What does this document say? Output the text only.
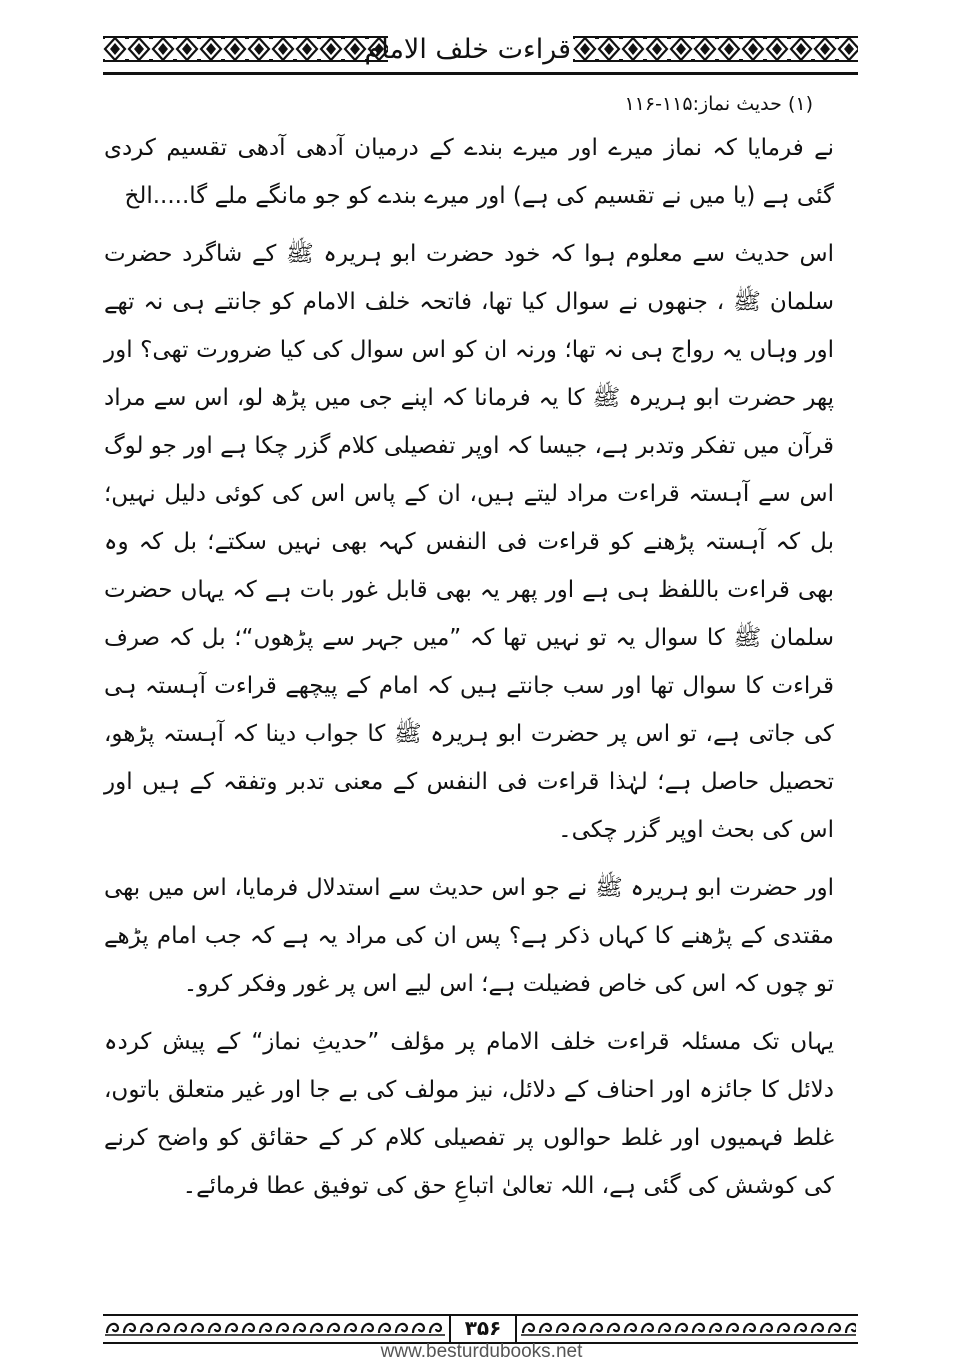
قراءت خلف الامام
(۱) حدیث نماز:۱۱۵-۱۱۶

نے فرمایا کہ نماز میرے اور میرے بندے کے درمیان آدھی آدھی تقسیم کردی گئی ہے (یا میں نے تقسیم کی ہے) اور میرے بندے کو جو مانگے ملے گا.....الخ

اس حدیث سے معلوم ہوا کہ خود حضرت ابو ہریرہ ﷺ کے شاگرد حضرت سلمان ﷺ ، جنھوں نے سوال کیا تھا، فاتحہ خلف الامام کو جانتے ہی نہ تھے اور وہاں یہ رواج ہی نہ تھا؛ ورنہ ان کو اس سوال کی کیا ضرورت تھی؟ اور پھر حضرت ابو ہریرہ ﷺ کا یہ فرمانا کہ اپنے جی میں پڑھ لو، اس سے مراد قرآن میں تفکر وتدبر ہے، جیسا کہ اوپر تفصیلی کلام گزر چکا ہے اور جو لوگ اس سے آہستہ قراءت مراد لیتے ہیں، ان کے پاس اس کی کوئی دلیل نہیں؛ بل کہ آہستہ پڑھنے کو قراءت فی النفس کہہ بھی نہیں سکتے؛ بل کہ وہ بھی قراءت باللفظ ہی ہے اور پھر یہ بھی قابل غور بات ہے کہ یہاں حضرت سلمان ﷺ کا سوال یہ تو نہیں تھا کہ ”میں جہر سے پڑھوں“؛ بل کہ صرف قراءت کا سوال تھا اور سب جانتے ہیں کہ امام کے پیچھے قراءت آہستہ ہی کی جاتی ہے، تو اس پر حضرت ابو ہریرہ ﷺ کا جواب دینا کہ آہستہ پڑھو، تحصیل حاصل ہے؛ لہٰذا قراءت فی النفس کے معنی تدبر وتفقہ کے ہیں اور اس کی بحث اوپر گزر چکی۔

اور حضرت ابو ہریرہ ﷺ نے جو اس حدیث سے استدلال فرمایا، اس میں بھی مقتدی کے پڑھنے کا کہاں ذکر ہے؟ پس ان کی مراد یہ ہے کہ جب امام پڑھے تو چوں کہ اس کی خاص فضیلت ہے؛ اس لیے اس پر غور وفکر کرو۔

یہاں تک مسئلہ قراءت خلف الامام پر مؤلف ”حدیثِ نماز“ کے پیش کردہ دلائل کا جائزہ اور احناف کے دلائل، نیز مولف کی بے جا اور غیر متعلق باتوں، غلط فہمیوں اور غلط حوالوں پر تفصیلی کلام کر کے حقائق کو واضح کرنے کی کوشش کی گئی ہے، اللہ تعالیٰ اتباعِ حق کی توفیق عطا فرمائے۔

۳۵۶
www.besturdubooks.net
